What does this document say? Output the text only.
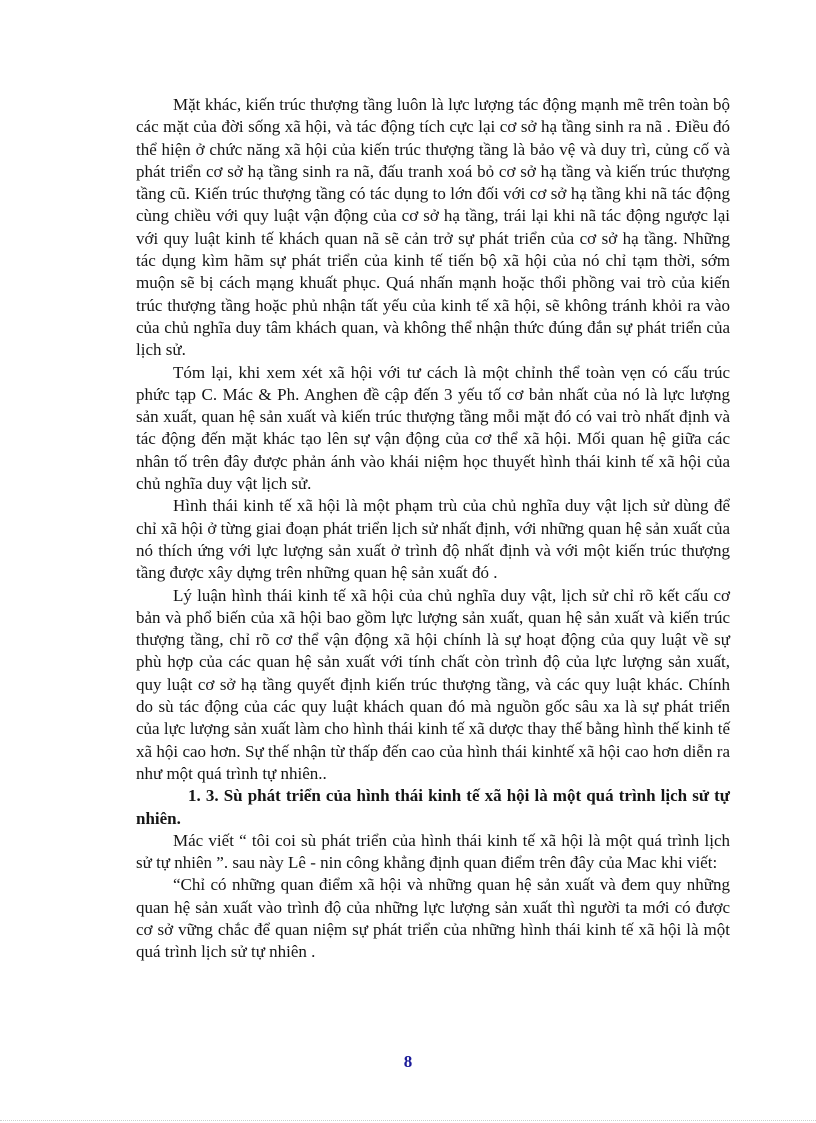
Mặt khác, kiến trúc thượng tầng luôn là lực lượng tác động mạnh mẽ trên toàn bộ các mặt của đời sống xã hội, và tác động tích cực lại cơ sở hạ tầng sinh ra nã . Điều đó thể hiện ở chức năng xã hội của kiến trúc thượng tầng là bảo vệ và duy trì, củng cố và phát triển cơ sở hạ tầng sinh ra nã, đấu tranh xoá bỏ cơ sở hạ tầng và kiến trúc thượng tầng cũ. Kiến trúc thượng tầng có tác dụng to lớn đối với cơ sở hạ tầng khi nã tác động cùng chiều với quy luật vận động của cơ sở hạ tầng, trái lại khi nã tác động ngược lại với quy luật kinh tế khách quan nã sẽ cản trở sự phát triển của cơ sở hạ tầng. Những tác dụng kìm hãm sự phát triển của kinh tế tiến bộ xã hội của nó chỉ tạm thời, sớm muộn sẽ bị cách mạng khuất phục. Quá nhấn mạnh hoặc thổi phồng vai trò của kiến trúc thượng tầng hoặc phủ nhận tất yếu của kinh tế xã hội, sẽ không tránh khỏi ra vào của chủ nghĩa duy tâm khách quan, và không thể nhận thức đúng đắn sự phát triển của lịch sử.

Tóm lại, khi xem xét xã hội với tư cách là một chỉnh thể toàn vẹn có cấu trúc phức tạp C. Mác & Ph. Anghen đề cập đến 3 yếu tố cơ bản nhất của nó là lực lượng sản xuất, quan hệ sản xuất và kiến trúc thượng tầng mỗi mặt đó có vai trò nhất định và tác động đến mặt khác tạo lên sự vận động của cơ thể xã hội. Mối quan hệ giữa các nhân tố trên đây được phản ánh vào khái niệm học thuyết hình thái kinh tế xã hội của chủ nghĩa duy vật lịch sử.

Hình thái kinh tế xã hội là một phạm trù của chủ nghĩa duy vật lịch sử dùng để chỉ xã hội ở từng giai đoạn phát triển lịch sử nhất định, với những quan hệ sản xuất của nó thích ứng với lực lượng sản xuất ở trình độ nhất định và với một kiến trúc thượng tầng được xây dựng trên những quan hệ sản xuất đó .

Lý luận hình thái kinh tế xã hội của chủ nghĩa duy vật, lịch sử chỉ rõ kết cấu cơ bản và phổ biến của xã hội bao gồm lực lượng sản xuất, quan hệ sản xuất và kiến trúc thượng tầng, chỉ rõ cơ thể vận động xã hội chính là sự hoạt động của quy luật về sự phù hợp của các quan hệ sản xuất với tính chất còn trình độ của lực lượng sản xuất, quy luật cơ sở hạ tầng quyết định kiến trúc thượng tầng, và các quy luật khác. Chính do sù tác động của các quy luật khách quan đó mà nguồn gốc sâu xa là sự phát triển của lực lượng sản xuất làm cho hình thái kinh tế xã dược thay thế bằng hình thế kinh tế xã hội cao hơn. Sự thế nhận từ thấp đến cao của hình thái kinhtế xã hội cao hơn diễn ra như một quá trình tự nhiên..

1. 3. Sù phát triển của hình thái kinh tế xã hội là một quá trình lịch sử tự nhiên.

Mác viết “ tôi coi sù phát triển của hình thái kinh tế xã hội là một quá trình lịch sử tự nhiên ”. sau này Lê - nin công khẳng định quan điểm trên đây của Mac khi viết:

“Chỉ có những quan điểm xã hội và những quan hệ sản xuất và đem quy những quan hệ sản xuất vào trình độ của những lực lượng sản xuất thì người ta mới có được cơ sở vững chắc để quan niệm sự phát triển của những hình thái kinh tế xã hội là một quá trình lịch sử tự nhiên .

8
